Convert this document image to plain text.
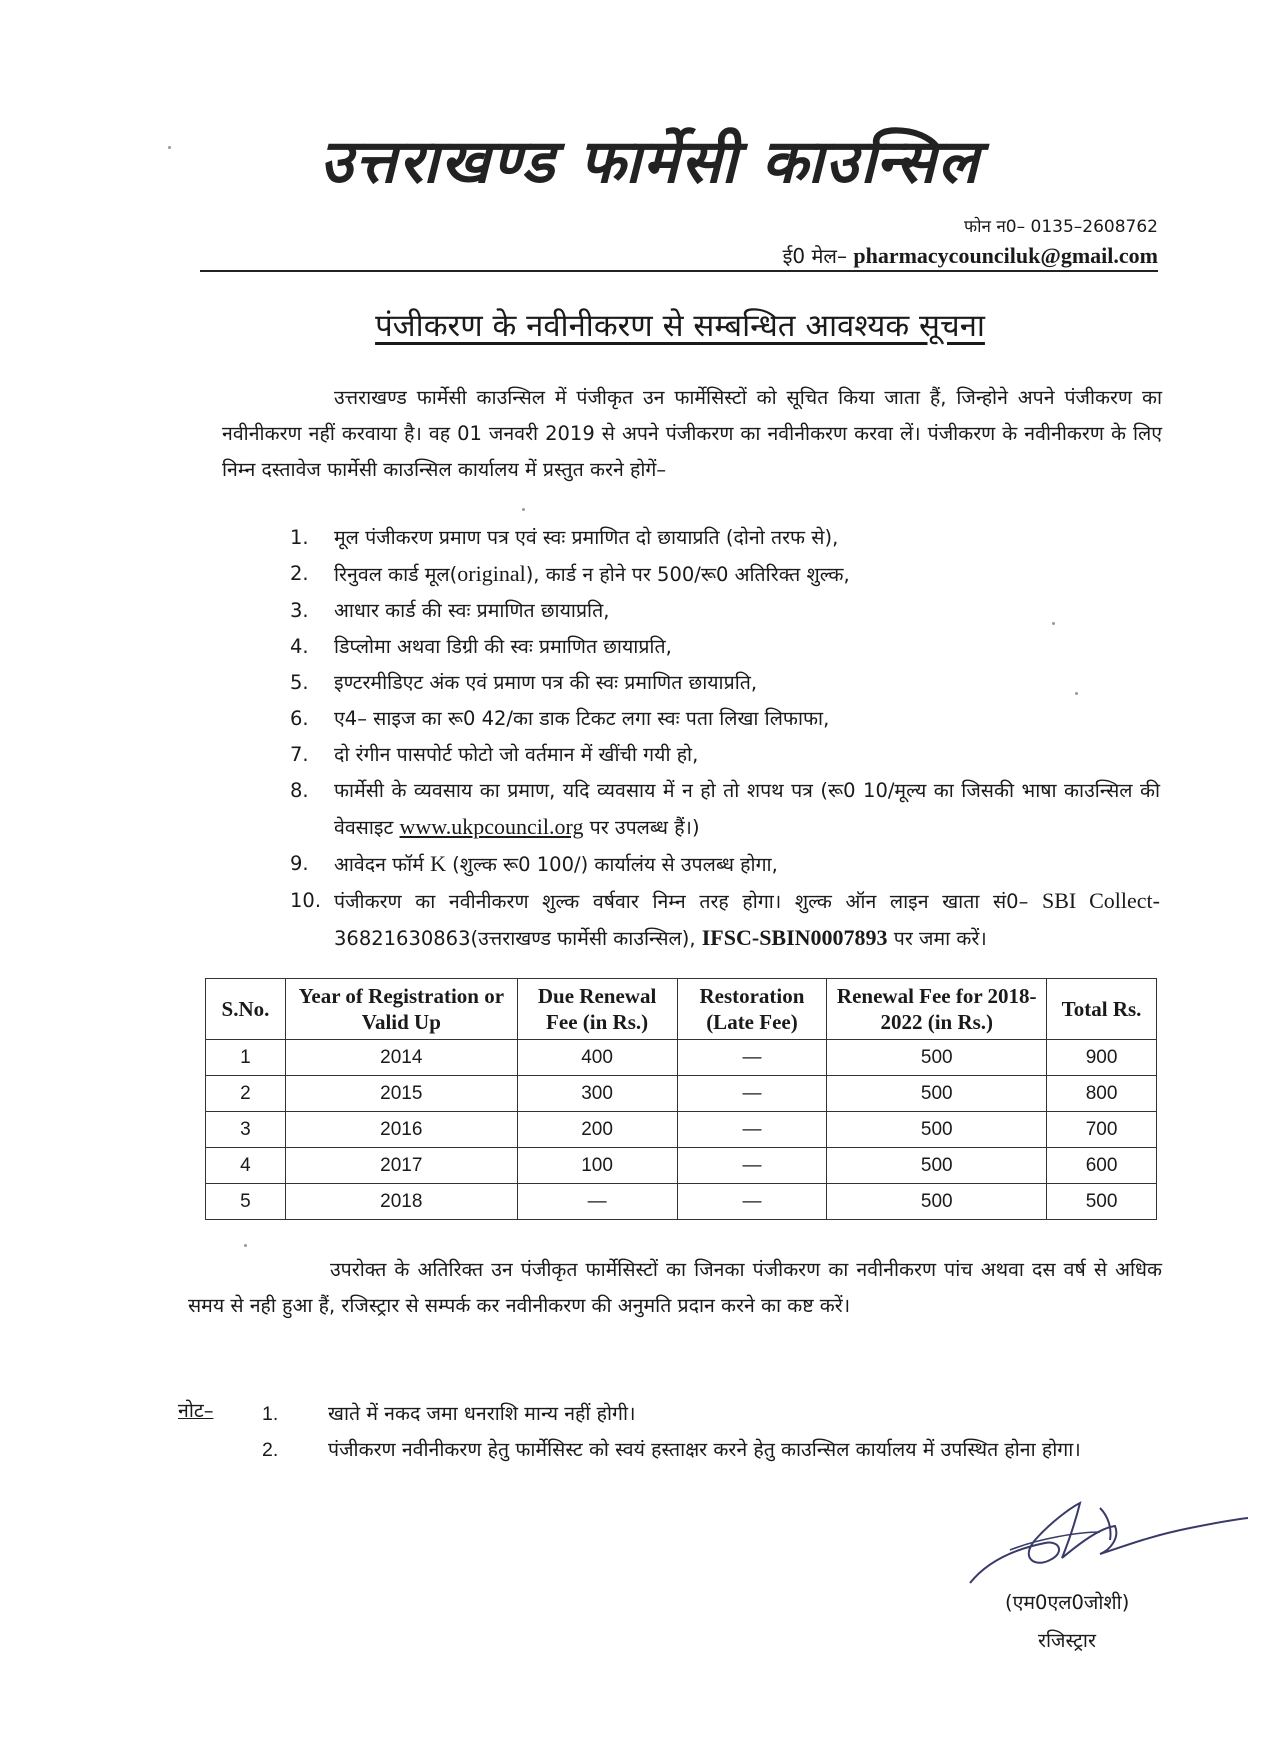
उत्तराखण्ड फार्मेसी काउन्सिल
फोन न0– 0135–2608762
ई0 मेल– pharmacycounciluk@gmail.com
पंजीकरण के नवीनीकरण से सम्बन्धित आवश्यक सूचना
उत्तराखण्ड फार्मेसी काउन्सिल में पंजीकृत उन फार्मेसिस्टों को सूचित किया जाता हैं, जिन्होने अपने पंजीकरण का नवीनीकरण नहीं करवाया है। वह 01 जनवरी 2019 से अपने पंजीकरण का नवीनीकरण करवा लें। पंजीकरण के नवीनीकरण के लिए निम्न दस्तावेज फार्मेसी काउन्सिल कार्यालय में प्रस्तुत करने होगें–
1. मूल पंजीकरण प्रमाण पत्र एवं स्वः प्रमाणित दो छायाप्रति (दोनो तरफ से),
2. रिनुवल कार्ड मूल(original), कार्ड न होने पर 500/रू0 अतिरिक्त शुल्क,
3. आधार कार्ड की स्वः प्रमाणित छायाप्रति,
4. डिप्लोमा अथवा डिग्री की स्वः प्रमाणित छायाप्रति,
5. इण्टरमीडिएट अंक एवं प्रमाण पत्र की स्वः प्रमाणित छायाप्रति,
6. ए4– साइज का रू0 42/का डाक टिकट लगा स्वः पता लिखा लिफाफा,
7. दो रंगीन पासपोर्ट फोटो जो वर्तमान में खींची गयी हो,
8. फार्मेसी के व्यवसाय का प्रमाण, यदि व्यवसाय में न हो तो शपथ पत्र (रू0 10/मूल्य का जिसकी भाषा काउन्सिल की वेवसाइट www.ukpcouncil.org पर उपलब्ध हैं।)
9. आवेदन फॉर्म K (शुल्क रू0 100/) कार्यालंय से उपलब्ध होगा,
10. पंजीकरण का नवीनीकरण शुल्क वर्षवार निम्न तरह होगा। शुल्क ऑन लाइन खाता सं0– SBI Collect- 36821630863(उत्तराखण्ड फार्मेसी काउन्सिल), IFSC-SBIN0007893 पर जमा करें।
S.No.	Year of Registration or Valid Up	Due Renewal Fee (in Rs.)	Restoration (Late Fee)	Renewal Fee for 2018-2022 (in Rs.)	Total Rs.
1	2014	400	—	500	900
2	2015	300	—	500	800
3	2016	200	—	500	700
4	2017	100	—	500	600
5	2018	—	—	500	500
उपरोक्त के अतिरिक्त उन पंजीकृत फार्मेसिस्टों का जिनका पंजीकरण का नवीनीकरण पांच अथवा दस वर्ष से अधिक समय से नही हुआ हैं, रजिस्ट्रार से सम्पर्क कर नवीनीकरण की अनुमति प्रदान करने का कष्ट करें।
नोट– 1.	खाते में नकद जमा धनराशि मान्य नहीं होगी।
2.	पंजीकरण नवीनीकरण हेतु फार्मेसिस्ट को स्वयं हस्ताक्षर करने हेतु काउन्सिल कार्यालय में उपस्थित होना होगा।
(एम0एल0जोशी)
रजिस्ट्रार
